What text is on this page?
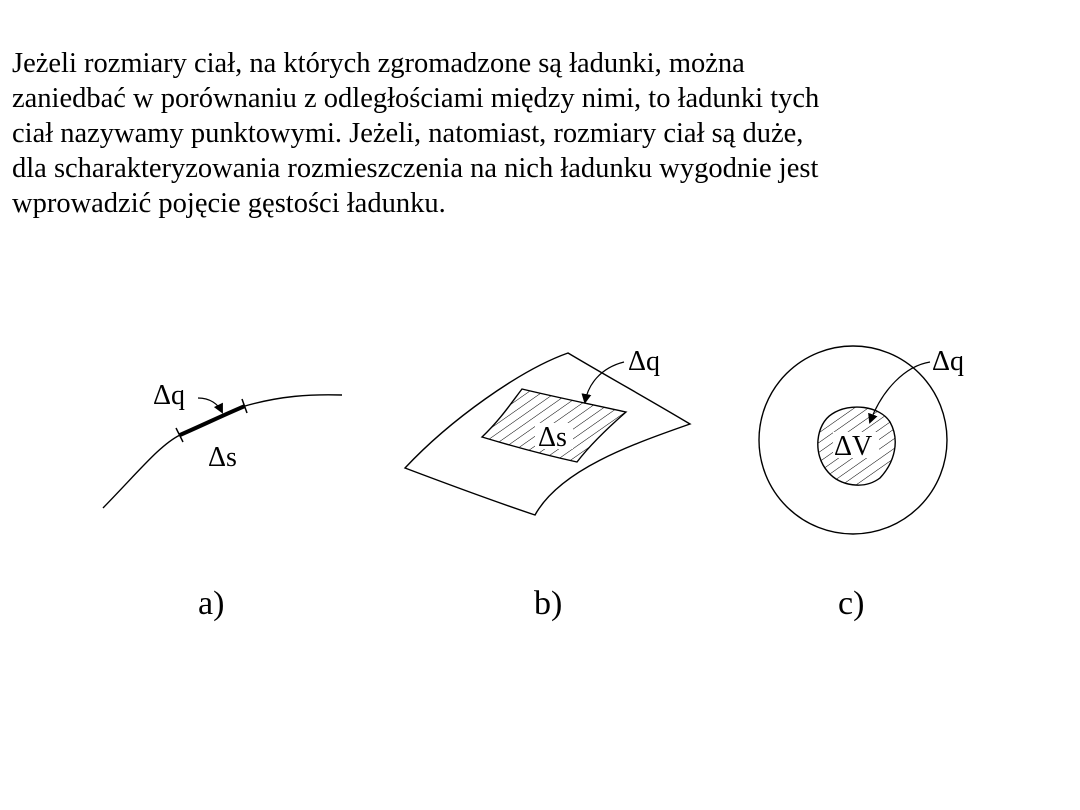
Jeżeli rozmiary ciał, na których zgromadzone są ładunki, można
zaniedbać w porównaniu z odległościami między nimi, to ładunki tych
ciał nazywamy punktowymi. Jeżeli, natomiast, rozmiary ciał są duże,
dla scharakteryzowania rozmieszczenia na nich ładunku wygodnie jest
wprowadzić pojęcie gęstości ładunku.
Δq
Δs
a)
Δq
Δs
b)
Δq
ΔV
c)
